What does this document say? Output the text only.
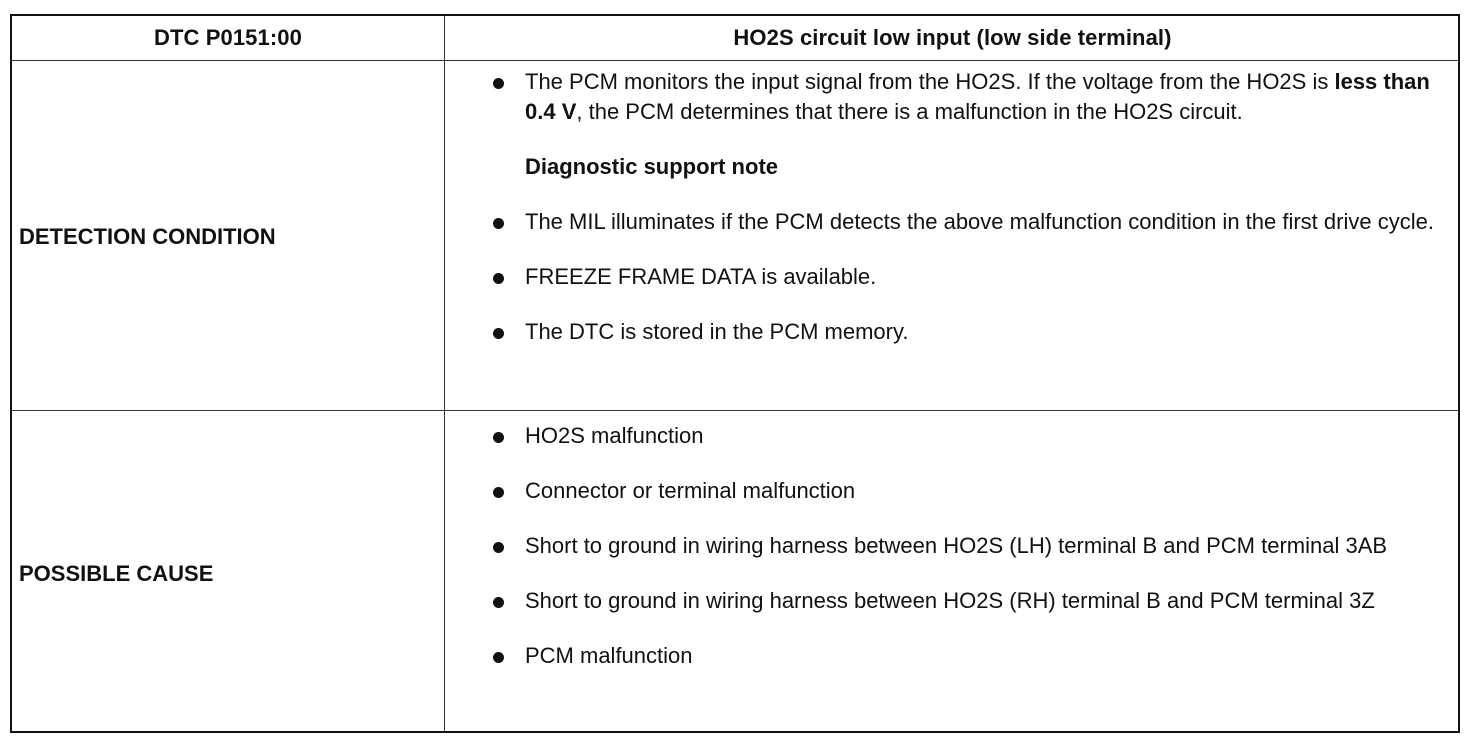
DTC P0151:00	HO2S circuit low input (low side terminal)
DETECTION CONDITION
POSSIBLE CAUSE
The PCM monitors the input signal from the HO2S. If the voltage from the HO2S is less than 0.4 V, the PCM determines that there is a malfunction in the HO2S circuit.
Diagnostic support note
The MIL illuminates if the PCM detects the above malfunction condition in the first drive cycle.
FREEZE FRAME DATA is available.
The DTC is stored in the PCM memory.
HO2S malfunction
Connector or terminal malfunction
Short to ground in wiring harness between HO2S (LH) terminal B and PCM terminal 3AB
Short to ground in wiring harness between HO2S (RH) terminal B and PCM terminal 3Z
PCM malfunction
